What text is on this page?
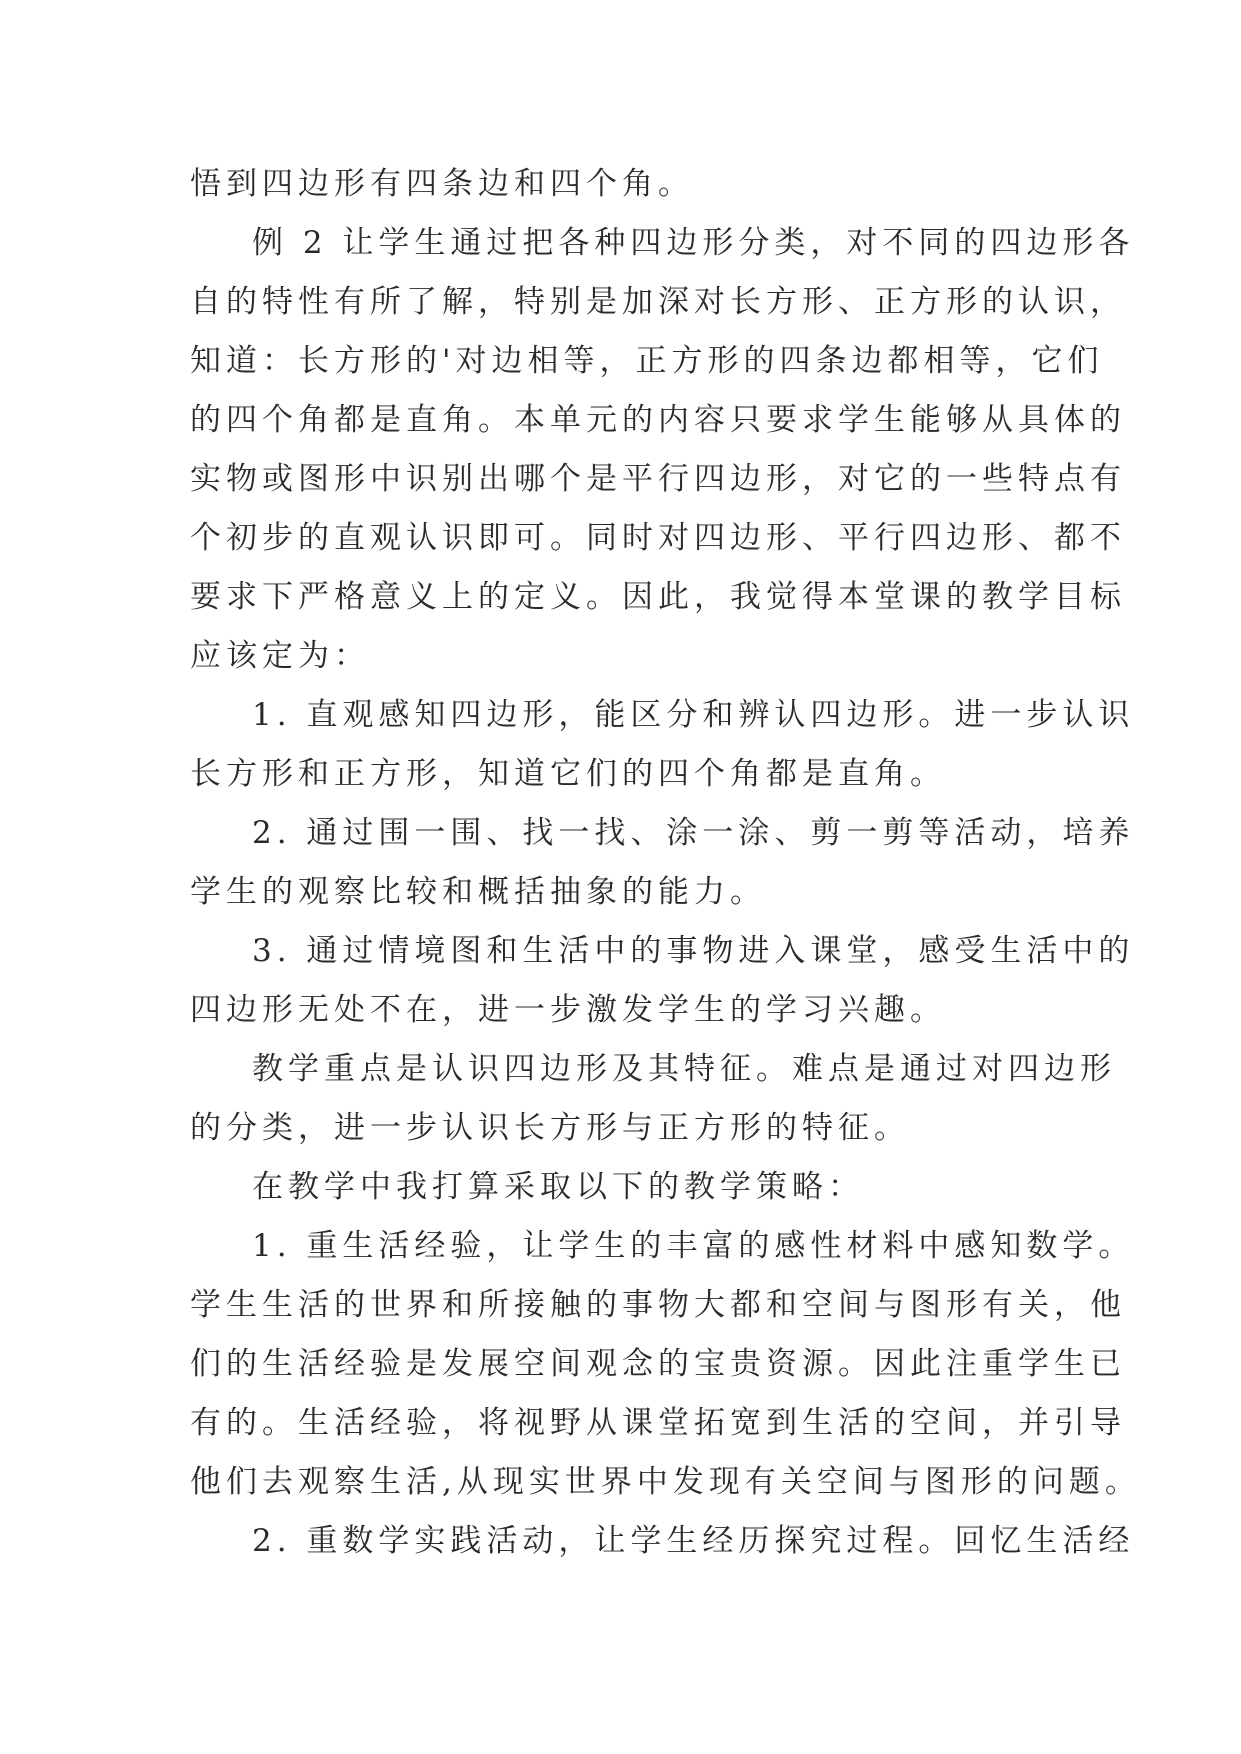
悟到四边形有四条边和四个角。
例 2 让学生通过把各种四边形分类，对不同的四边形各
自的特性有所了解，特别是加深对长方形、正方形的认识，
知道：长方形的'对边相等，正方形的四条边都相等，它们
的四个角都是直角。本单元的内容只要求学生能够从具体的
实物或图形中识别出哪个是平行四边形，对它的一些特点有
个初步的直观认识即可。同时对四边形、平行四边形、都不
要求下严格意义上的定义。因此，我觉得本堂课的教学目标
应该定为：
1. 直观感知四边形，能区分和辨认四边形。进一步认识
长方形和正方形，知道它们的四个角都是直角。
2. 通过围一围、找一找、涂一涂、剪一剪等活动，培养
学生的观察比较和概括抽象的能力。
3. 通过情境图和生活中的事物进入课堂，感受生活中的
四边形无处不在，进一步激发学生的学习兴趣。
教学重点是认识四边形及其特征。难点是通过对四边形
的分类，进一步认识长方形与正方形的特征。
在教学中我打算采取以下的教学策略：
1. 重生活经验，让学生的丰富的感性材料中感知数学。
学生生活的世界和所接触的事物大都和空间与图形有关，他
们的生活经验是发展空间观念的宝贵资源。因此注重学生已
有的。生活经验，将视野从课堂拓宽到生活的空间，并引导
他们去观察生活,从现实世界中发现有关空间与图形的问题。
2. 重数学实践活动，让学生经历探究过程。回忆生活经
